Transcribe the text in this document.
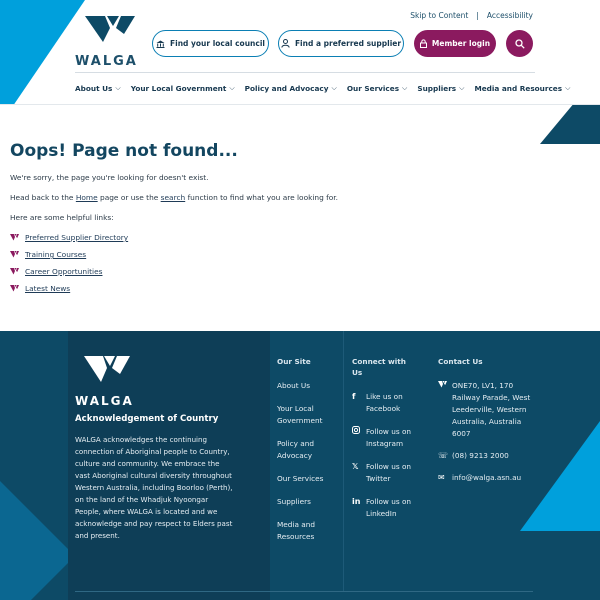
WALGA
Skip to Content | Accessibility
Find your local council	Find a preferred supplier	Member login
About Us ⌵ Your Local Government ⌵ Policy and Advocacy ⌵ Our Services ⌵ Suppliers ⌵ Media and Resources ⌵
Oops! Page not found...

We're sorry, the page you're looking for doesn't exist.

Head back to the Home page or use the search function to find what you are looking for.

Here are some helpful links:

Preferred Supplier Directory
Training Courses
Career Opportunities
Latest News
WALGA
Acknowledgement of Country
WALGA acknowledges the continuing connection of Aboriginal people to Country, culture and community. We embrace the vast Aboriginal cultural diversity throughout Western Australia, including Boorloo (Perth), on the land of the Whadjuk Nyoongar People, where WALGA is located and we acknowledge and pay respect to Elders past and present.
Our Site
About Us
Your Local Government
Policy and Advocacy
Our Services
Suppliers
Media and Resources
Connect with Us
f	Like us on Facebook
Follow us on Instagram
𝕏	Follow us on Twitter
in Follow us on LinkedIn
Contact Us
ONE70, LV1, 170 Railway Parade, West Leederville, Western Australia, Australia 6007
☏ (08) 9213 2000
✉ info@walga.asn.au
